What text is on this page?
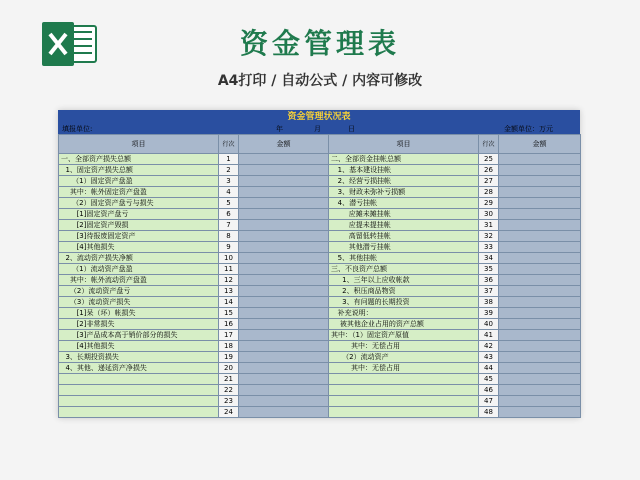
资金管理表
A4打印 / 自动公式 / 内容可修改
资金管理状况表
填报单位:	年	月	日	金额单位：万元
项目	行次	金额	项目	行次	金额
一、全部资产损失总额	1		二、全部资金挂帐总额	25	
1、固定资产损失总额	2		1、基本建设挂帐	26	
（1）固定资产盘盈	3		2、经营亏损挂帐	27	
其中：帐外固定资产盘盈	4		3、财政未弥补亏损额	28	
（2）固定资产盘亏与损失	5		4、潜亏挂帐	29	
[1]固定资产盘亏	6		应摊未摊挂帐	30	
[2]固定资产毁损	7		应提未提挂帐	31	
[3]待报废固定资产	8		高留低转挂帐	32	
[4]其他损失	9		其他潜亏挂帐	33	
2、流动资产损失净额	10		5、其他挂帐	34	
（1）流动资产盘盈	11		三、不良资产总额	35	
其中：帐外流动资产盘盈	12		1、三年以上应收帐款	36	
（2）流动资产盘亏	13		2、积压商品物资	37	
（3）流动资产损失	14		3、有问题的长期投资	38	
[1]呆（坏）帐损失	15		补充说明：	39	
[2]非常损失	16		被其他企业占用的资产总额	40	
[3]产品成本高于销价部分的损失	17		其中：（1）固定资产原值	41	
[4]其他损失	18		其中：无偿占用	42	
3、长期投资损失	19		（2）流动资产	43	
4、其他、递延资产净损失	20		其中：无偿占用	44	
	21			45	
	22			46	
	23			47	
	24			48	
